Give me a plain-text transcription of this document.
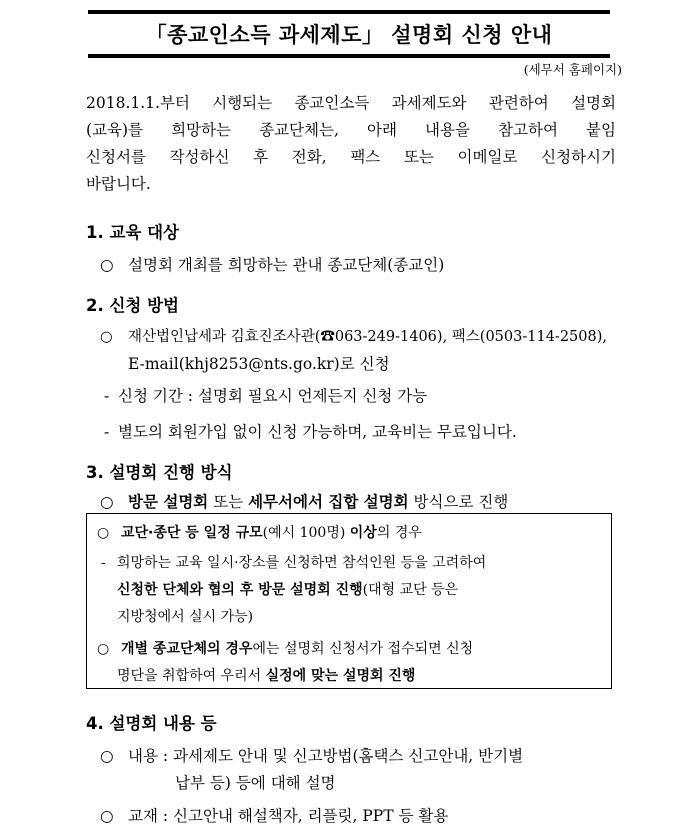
「종교인소득 과세제도」 설명회 신청 안내
(세무서 홈페이지)
2018.1.1.부터 시행되는 종교인소득 과세제도와 관련하여 설명회
(교육)를 희망하는 종교단체는, 아래 내용을 참고하여 붙임
신청서를 작성하신 후 전화, 팩스 또는 이메일로 신청하시기
바랍니다.
1. 교육 대상
○ 설명회 개최를 희망하는 관내 종교단체(종교인)
2. 신청 방법
○ 재산법인납세과 김효진조사관(☎063-249-1406), 팩스(0503-114-2508),
E-mail(khj8253@nts.go.kr)로 신청
- 신청 기간 : 설명회 필요시 언제든지 신청 가능
- 별도의 회원가입 없이 신청 가능하며, 교육비는 무료입니다.
3. 설명회 진행 방식
○ 방문 설명회 또는 세무서에서 집합 설명회 방식으로 진행
○ 교단·종단 등 일정 규모(예시 100명) 이상의 경우
- 희망하는 교육 일시·장소를 신청하면 참석인원 등을 고려하여
신청한 단체와 협의 후 방문 설명회 진행(대형 교단 등은
지방청에서 실시 가능)
○ 개별 종교단체의 경우에는 설명회 신청서가 접수되면 신청
명단을 취합하여 우리서 실정에 맞는 설명회 진행
4. 설명회 내용 등
○ 내용 : 과세제도 안내 및 신고방법(홈택스 신고안내, 반기별
납부 등) 등에 대해 설명
○ 교재 : 신고안내 해설책자, 리플릿, PPT 등 활용
